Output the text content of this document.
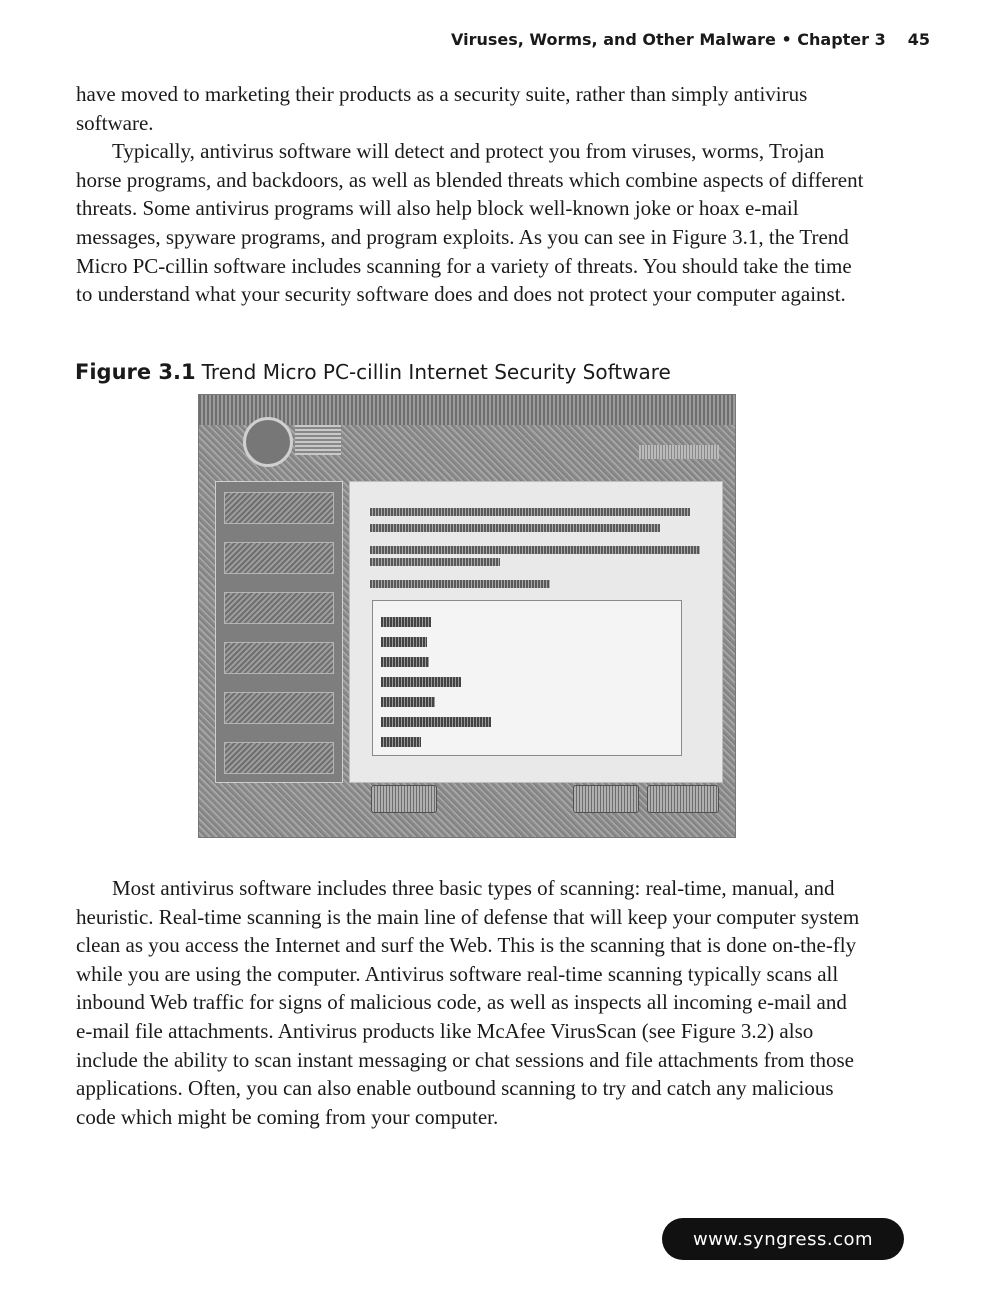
Viruses, Worms, and Other Malware • Chapter 3 45

have moved to marketing their products as a security suite, rather than simply antivirus software.

Typically, antivirus software will detect and protect you from viruses, worms, Trojan horse programs, and backdoors, as well as blended threats which combine aspects of different threats. Some antivirus programs will also help block well-known joke or hoax e-mail messages, spyware programs, and program exploits. As you can see in Figure 3.1, the Trend Micro PC-cillin software includes scanning for a variety of threats. You should take the time to understand what your security software does and does not protect your computer against.

Figure 3.1 Trend Micro PC-cillin Internet Security Software

Most antivirus software includes three basic types of scanning: real-time, manual, and heuristic. Real-time scanning is the main line of defense that will keep your computer system clean as you access the Internet and surf the Web. This is the scanning that is done on-the-fly while you are using the computer. Antivirus software real-time scanning typically scans all inbound Web traffic for signs of malicious code, as well as inspects all incoming e-mail and e-mail file attachments. Antivirus products like McAfee VirusScan (see Figure 3.2) also include the ability to scan instant messaging or chat sessions and file attachments from those applications. Often, you can also enable outbound scanning to try and catch any malicious code which might be coming from your computer.

www.syngress.com
